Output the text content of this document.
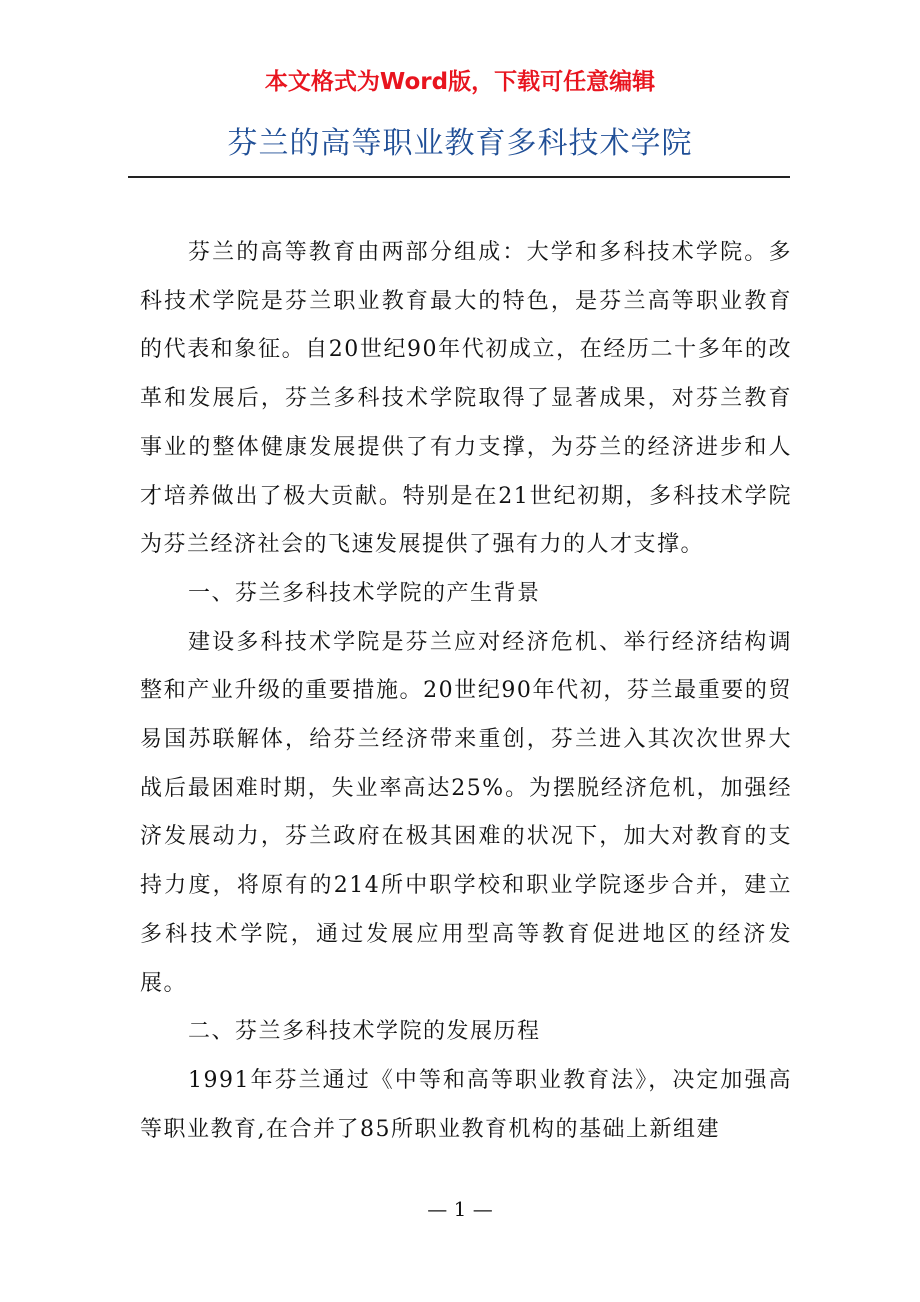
本文格式为Word版，下载可任意编辑
芬兰的高等职业教育多科技术学院

芬兰的高等教育由两部分组成：大学和多科技术学院。多科技术学院是芬兰职业教育最大的特色，是芬兰高等职业教育的代表和象征。自20世纪90年代初成立，在经历二十多年的改革和发展后，芬兰多科技术学院取得了显著成果，对芬兰教育事业的整体健康发展提供了有力支撑，为芬兰的经济进步和人才培养做出了极大贡献。特别是在21世纪初期，多科技术学院为芬兰经济社会的飞速发展提供了强有力的人才支撑。

一、芬兰多科技术学院的产生背景

建设多科技术学院是芬兰应对经济危机、举行经济结构调整和产业升级的重要措施。20世纪90年代初，芬兰最重要的贸易国苏联解体，给芬兰经济带来重创，芬兰进入其次次世界大战后最困难时期，失业率高达25%。为摆脱经济危机，加强经济发展动力，芬兰政府在极其困难的状况下，加大对教育的支持力度，将原有的214所中职学校和职业学院逐步合并，建立多科技术学院，通过发展应用型高等教育促进地区的经济发展。

二、芬兰多科技术学院的发展历程

1991年芬兰通过《中等和高等职业教育法》，决定加强高等职业教育,在合并了85所职业教育机构的基础上新组建

— 1 —
